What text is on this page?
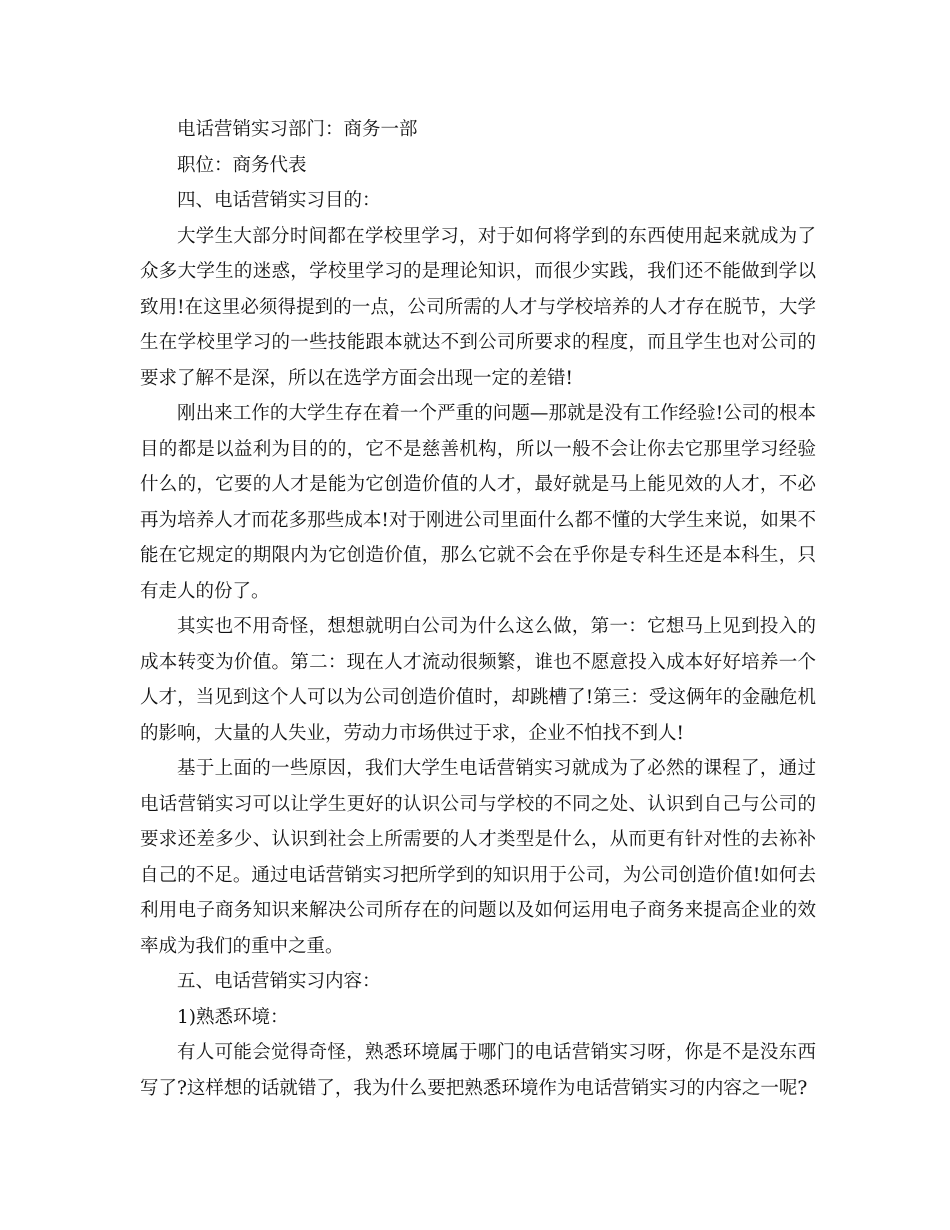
电话营销实习部门：商务一部

职位：商务代表

四、电话营销实习目的：

大学生大部分时间都在学校里学习，对于如何将学到的东西使用起来就成为了众多大学生的迷惑，学校里学习的是理论知识，而很少实践，我们还不能做到学以致用!在这里必须得提到的一点，公司所需的人才与学校培养的人才存在脱节，大学生在学校里学习的一些技能跟本就达不到公司所要求的程度，而且学生也对公司的要求了解不是深，所以在选学方面会出现一定的差错!

刚出来工作的大学生存在着一个严重的问题—那就是没有工作经验!公司的根本目的都是以益利为目的的，它不是慈善机构，所以一般不会让你去它那里学习经验什么的，它要的人才是能为它创造价值的人才，最好就是马上能见效的人才，不必再为培养人才而花多那些成本!对于刚进公司里面什么都不懂的大学生来说，如果不能在它规定的期限内为它创造价值，那么它就不会在乎你是专科生还是本科生，只有走人的份了。

其实也不用奇怪，想想就明白公司为什么这么做，第一：它想马上见到投入的成本转变为价值。第二：现在人才流动很频繁，谁也不愿意投入成本好好培养一个人才，当见到这个人可以为公司创造价值时，却跳槽了!第三：受这俩年的金融危机的影响，大量的人失业，劳动力市场供过于求，企业不怕找不到人!

基于上面的一些原因，我们大学生电话营销实习就成为了必然的课程了，通过电话营销实习可以让学生更好的认识公司与学校的不同之处、认识到自己与公司的要求还差多少、认识到社会上所需要的人才类型是什么，从而更有针对性的去袮补自己的不足。通过电话营销实习把所学到的知识用于公司，为公司创造价值!如何去利用电子商务知识来解决公司所存在的问题以及如何运用电子商务来提高企业的效率成为我们的重中之重。

五、电话营销实习内容：

1)熟悉环境：

有人可能会觉得奇怪，熟悉环境属于哪门的电话营销实习呀，你是不是没东西写了?这样想的话就错了，我为什么要把熟悉环境作为电话营销实习的内容之一呢?
